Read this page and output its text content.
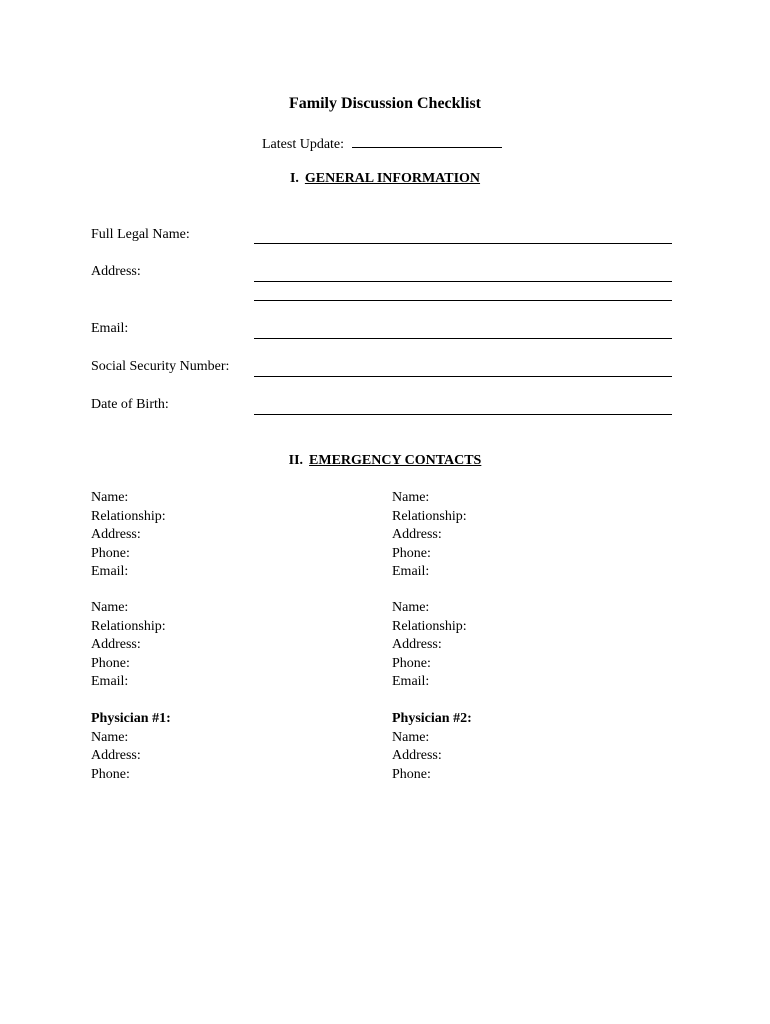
Family Discussion Checklist
Latest Update:
I. GENERAL INFORMATION
Full Legal Name:
Address:
Email:
Social Security Number:
Date of Birth:
II. EMERGENCY CONTACTS
Name:
Relationship:
Address:
Phone:
Email:
Name:
Relationship:
Address:
Phone:
Email:
Name:
Relationship:
Address:
Phone:
Email:
Name:
Relationship:
Address:
Phone:
Email:
Physician #1:
Name:
Address:
Phone:
Physician #2:
Name:
Address:
Phone:
